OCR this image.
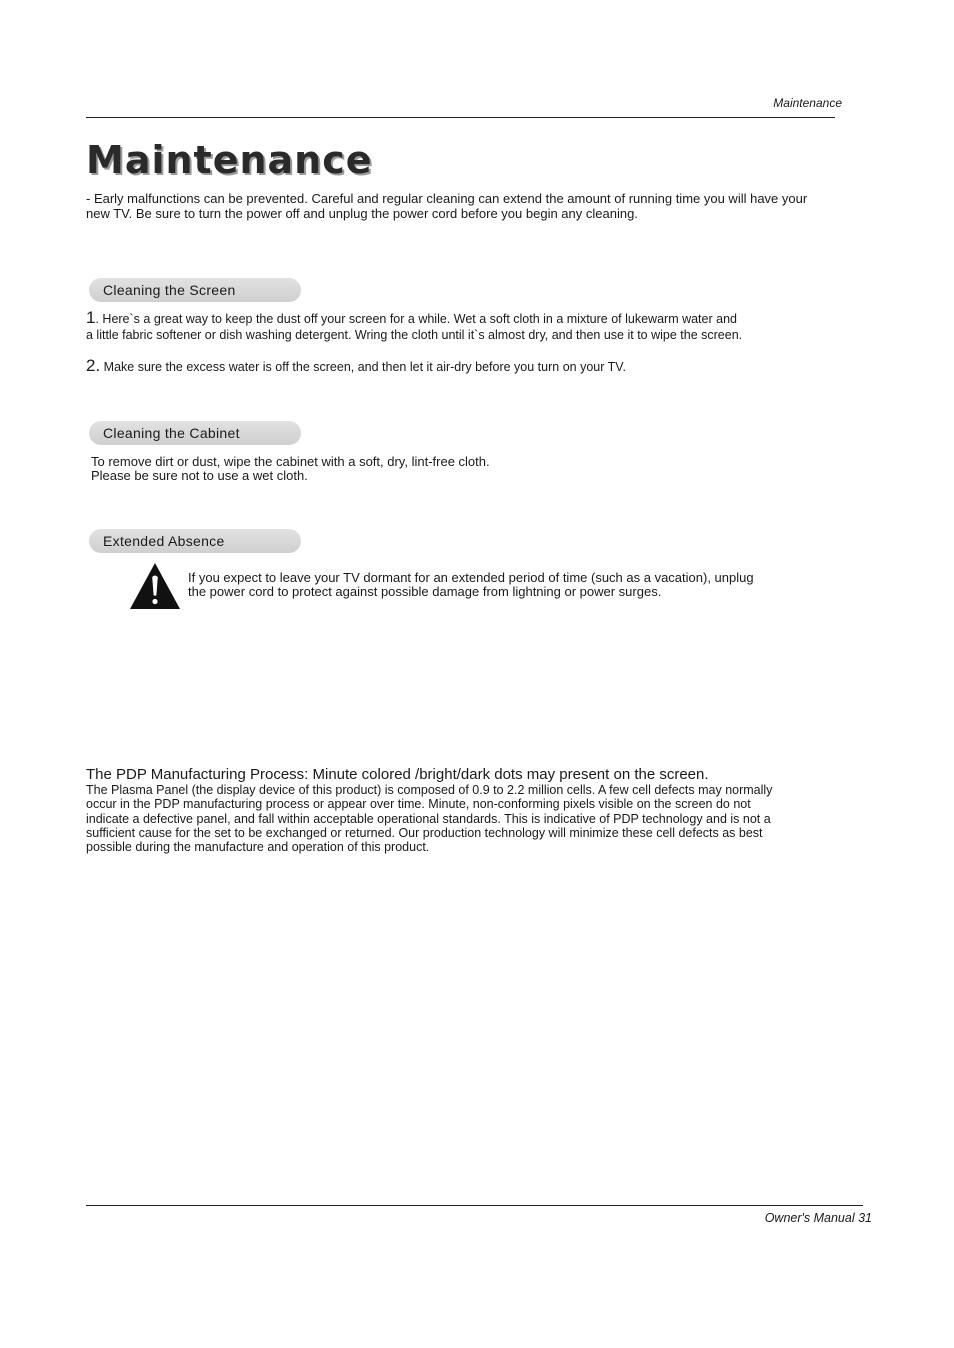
Maintenance
Maintenance
- Early malfunctions can be prevented. Careful and regular cleaning can extend the amount of running time you will have your
new TV. Be sure to turn the power off and unplug the power cord before you begin any cleaning.
Cleaning the Screen
1. Here`s a great way to keep the dust off your screen for a while. Wet a soft cloth in a mixture of lukewarm water and
a little fabric softener or dish washing detergent. Wring the cloth until it`s almost dry, and then use it to wipe the screen.
2. Make sure the excess water is off the screen, and then let it air-dry before you turn on your TV.
Cleaning the Cabinet
To remove dirt or dust, wipe the cabinet with a soft, dry, lint-free cloth.
Please be sure not to use a wet cloth.
Extended Absence
If you expect to leave your TV dormant for an extended period of time (such as a vacation), unplug
the power cord to protect against possible damage from lightning or power surges.
The PDP Manufacturing Process: Minute colored /bright/dark dots may present on the screen.
The Plasma Panel (the display device of this product) is composed of 0.9 to 2.2 million cells. A few cell defects may normally
occur in the PDP manufacturing process or appear over time. Minute, non-conforming pixels visible on the screen do not
indicate a defective panel, and fall within acceptable operational standards. This is indicative of PDP technology and is not a
sufficient cause for the set to be exchanged or returned. Our production technology will minimize these cell defects as best
possible during the manufacture and operation of this product.
Owner's Manual 31
